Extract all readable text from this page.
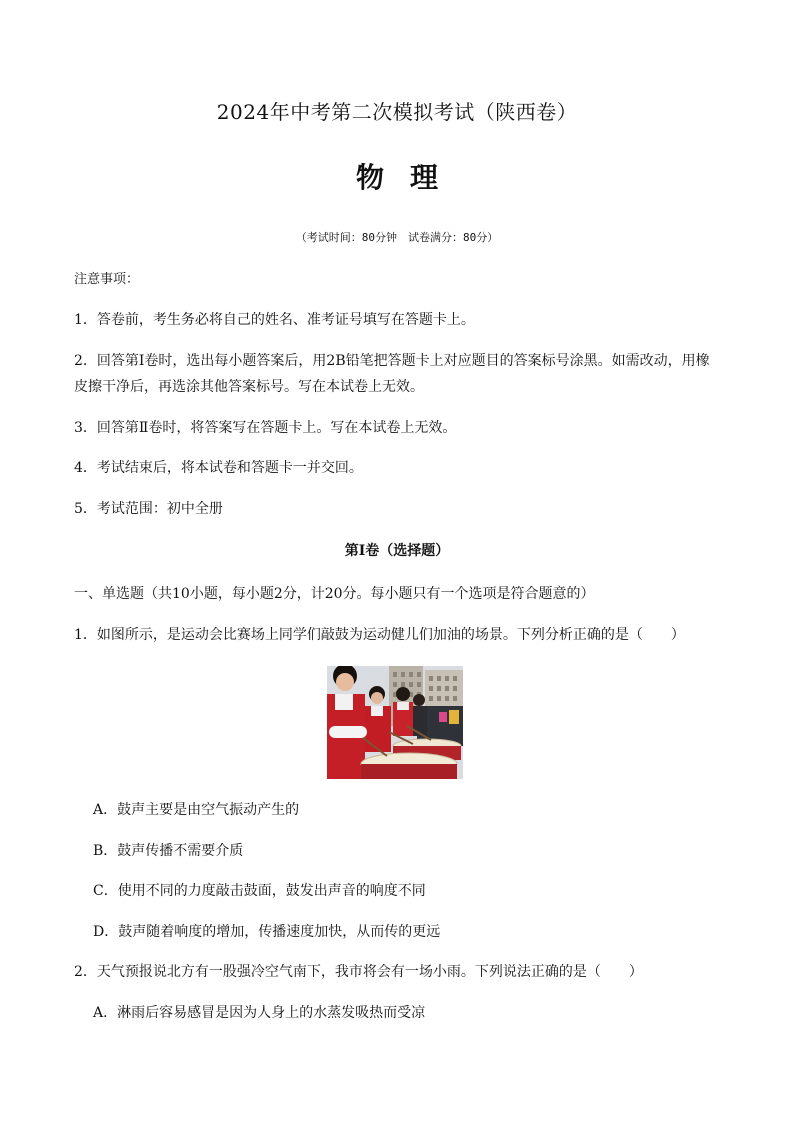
2024年中考第二次模拟考试（陕西卷）
物理
（考试时间：80分钟　试卷满分：80分）
注意事项：
1．答卷前，考生务必将自己的姓名、准考证号填写在答题卡上。
2．回答第Ⅰ卷时，选出每小题答案后，用2B铅笔把答题卡上对应题目的答案标号涂黑。如需改动，用橡
皮擦干净后，再选涂其他答案标号。写在本试卷上无效。
3．回答第Ⅱ卷时，将答案写在答题卡上。写在本试卷上无效。
4．考试结束后，将本试卷和答题卡一并交回。
5．考试范围：初中全册
第Ⅰ卷（选择题）
一、单选题（共10小题，每小题2分，计20分。每小题只有一个选项是符合题意的）
1．如图所示，是运动会比赛场上同学们敲鼓为运动健儿们加油的场景。下列分析正确的是（　　）
A．鼓声主要是由空气振动产生的
B．鼓声传播不需要介质
C．使用不同的力度敲击鼓面，鼓发出声音的响度不同
D．鼓声随着响度的增加，传播速度加快，从而传的更远
2．天气预报说北方有一股强冷空气南下，我市将会有一场小雨。下列说法正确的是（　　）
A．淋雨后容易感冒是因为人身上的水蒸发吸热而受凉
